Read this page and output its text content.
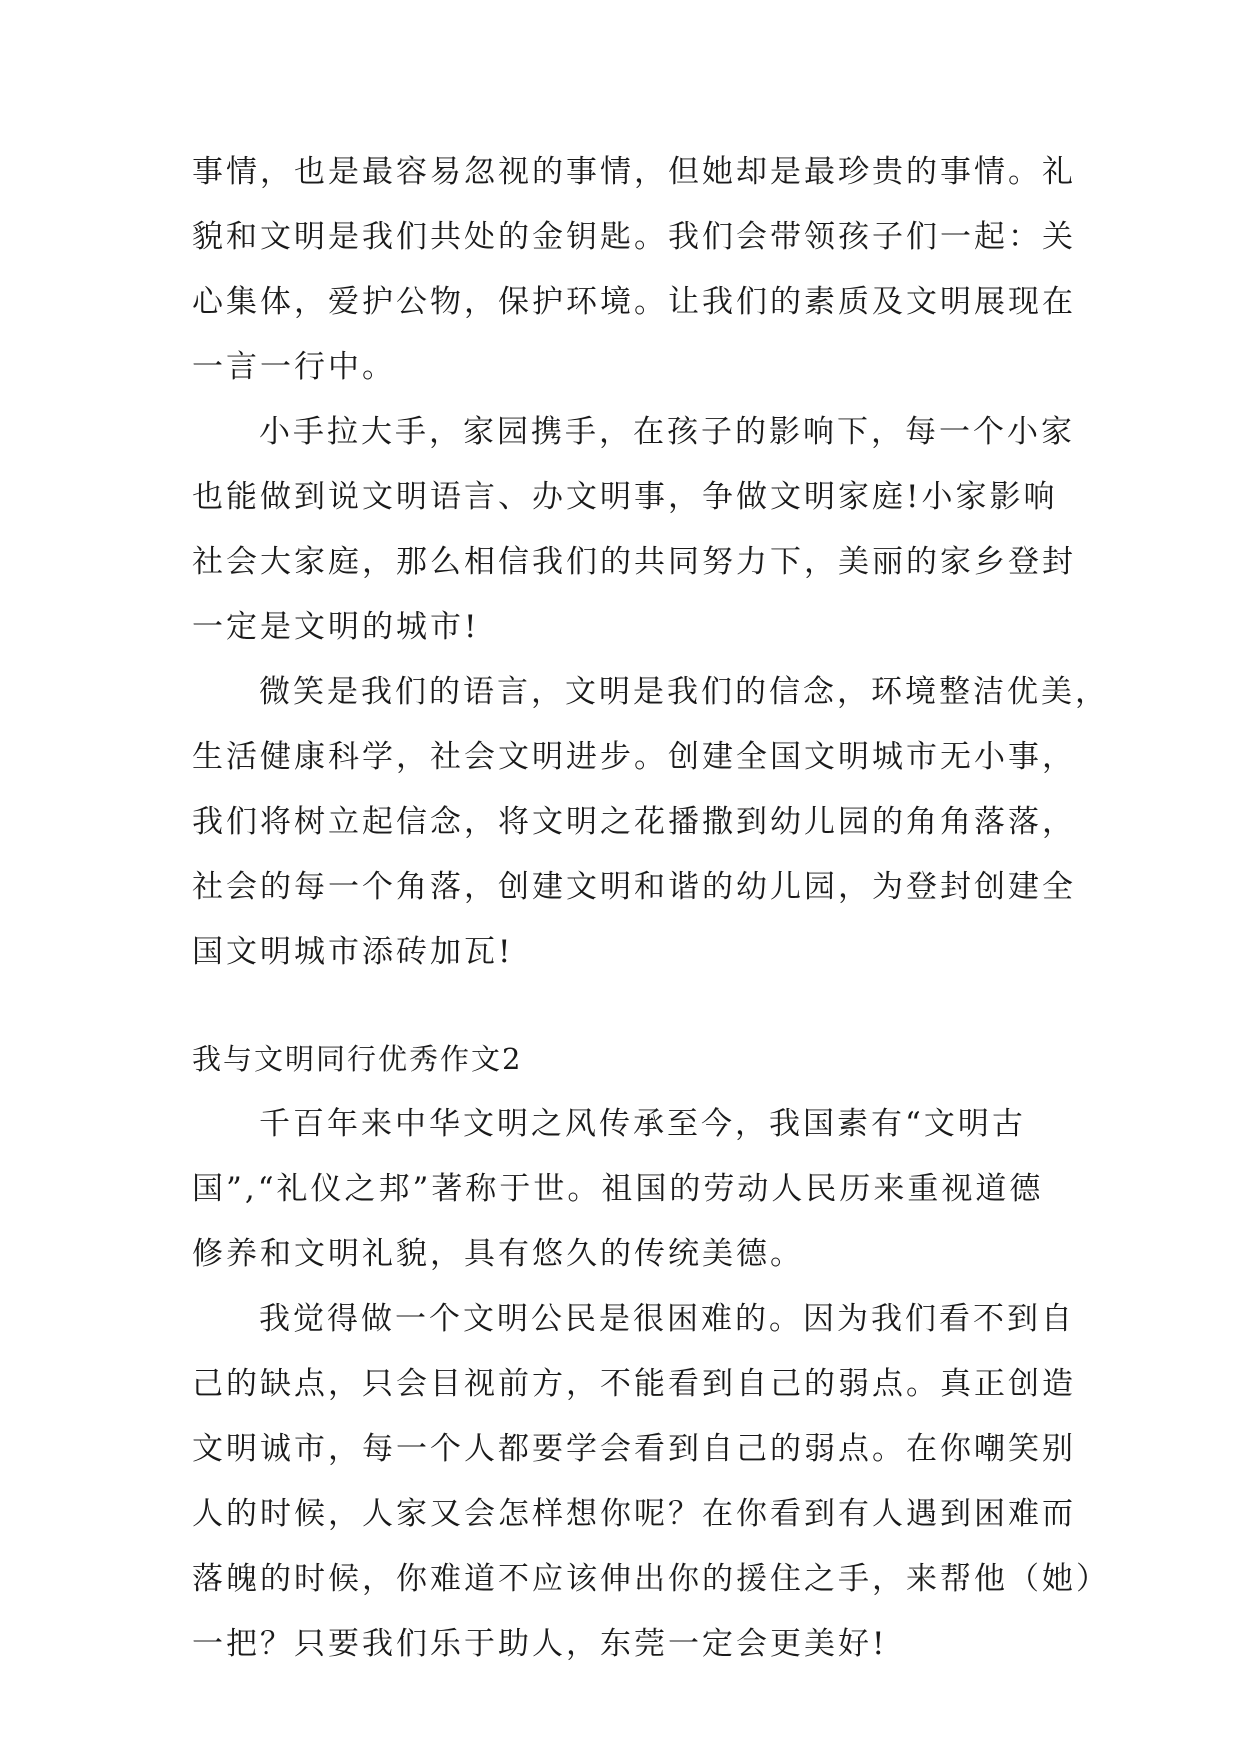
事情，也是最容易忽视的事情，但她却是最珍贵的事情。礼
貌和文明是我们共处的金钥匙。我们会带领孩子们一起：关
心集体，爱护公物，保护环境。让我们的素质及文明展现在
一言一行中。
小手拉大手，家园携手，在孩子的影响下，每一个小家
也能做到说文明语言、办文明事，争做文明家庭!小家影响
社会大家庭，那么相信我们的共同努力下，美丽的家乡登封
一定是文明的城市!
微笑是我们的语言，文明是我们的信念，环境整洁优美，
生活健康科学，社会文明进步。创建全国文明城市无小事，
我们将树立起信念，将文明之花播撒到幼儿园的角角落落，
社会的每一个角落，创建文明和谐的幼儿园，为登封创建全
国文明城市添砖加瓦!
我与文明同行优秀作文2
千百年来中华文明之风传承至今，我国素有“文明古
国”,“礼仪之邦”著称于世。祖国的劳动人民历来重视道德
修养和文明礼貌，具有悠久的传统美德。
我觉得做一个文明公民是很困难的。因为我们看不到自
己的缺点，只会目视前方，不能看到自己的弱点。真正创造
文明诚市，每一个人都要学会看到自己的弱点。在你嘲笑别
人的时候，人家又会怎样想你呢？在你看到有人遇到困难而
落魄的时候，你难道不应该伸出你的援住之手，来帮他（她）
一把？只要我们乐于助人，东莞一定会更美好!
